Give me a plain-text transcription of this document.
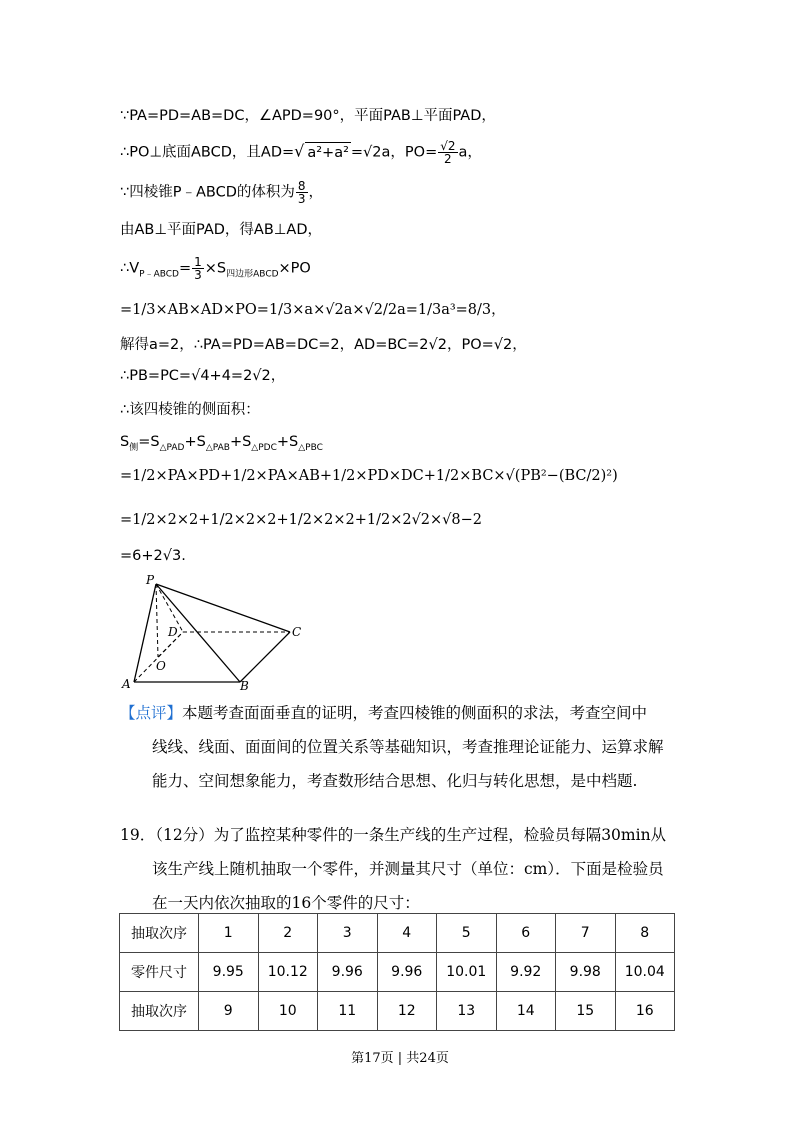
∵PA=PD=AB=DC，∠APD=90°，平面PAB⊥平面PAD，
∴PO⊥底面ABCD，且AD=√ a²+a² =√2a，$PO= \frac{√2}{2}$ a，
∵四棱锥P﹣ABCD的体积为 $\frac{8}{3}$ ，
由AB⊥平面PAD，得AB⊥AD，
$\therefore V_{P﹣ABCD}= \frac{1}{3} \times S_{四边形ABCD}\times PO$
=1/3×AB×AD×PO=1/3×a×√2a×√2/2a=1/3a³=8/3，
解得a=2，∴PA=PD=AB=DC=2，AD=BC=2√2，PO=√2，
∴PB=PC=√4+4=2√2，
∴该四棱锥的侧面积：
$S_侧=S_{\triangle PAD}+S_{\triangle PAB}+S_{\triangle PDC}+S_{\triangle PBC}$
=1/2×PA×PD+1/2×PA×AB+1/2×PD×DC+1/2×BC×√(PB²−(BC/2)²)
=1/2×2×2+1/2×2×2+1/2×2×2+1/2×2√2×√8−2
=6+2√3.
P
D	C
O
A	B
【点评】本题考查面面垂直的证明，考查四棱锥的侧面积的求法，考查空间中
线线、线面、面面间的位置关系等基础知识，考查推理论证能力、运算求解
能力、空间想象能力，考查数形结合思想、化归与转化思想，是中档题.
19．（12分）为了监控某种零件的一条生产线的生产过程，检验员每隔30min从
该生产线上随机抽取一个零件，并测量其尺寸（单位：cm）．下面是检验员
在一天内依次抽取的16个零件的尺寸：
抽取次序	1	2	3	4	5	6	7	8
零件尺寸	9.95	10.12	9.96	9.96	10.01	9.92	9.98	10.04
抽取次序	9	10	11	12	13	14	15	16
第17页 | 共24页
